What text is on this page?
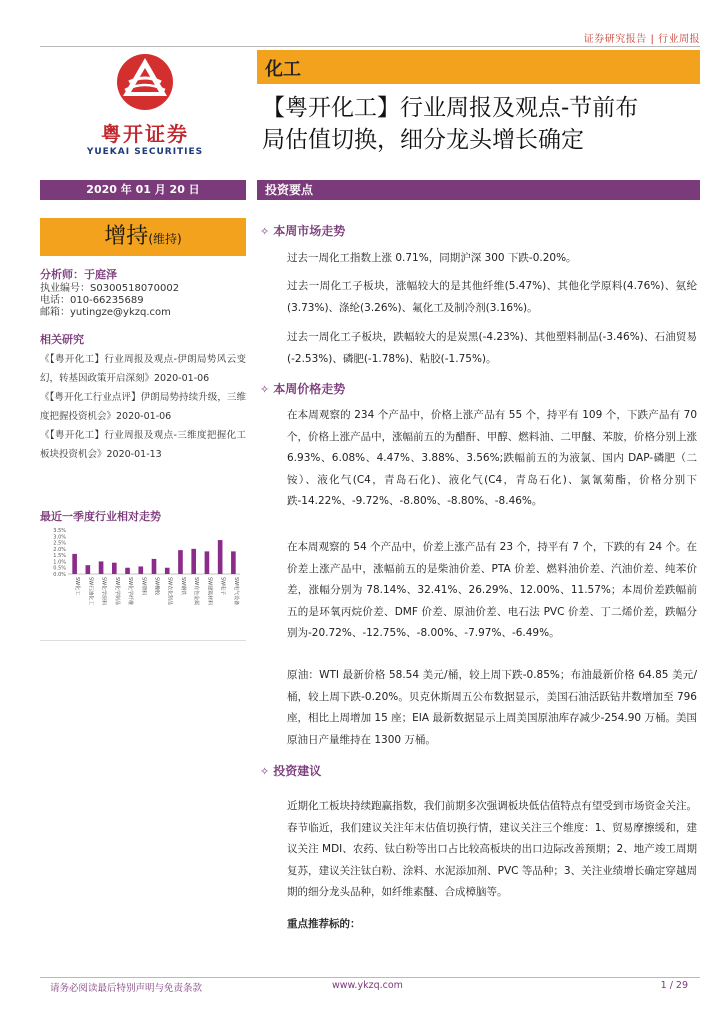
证券研究报告 | 行业周报
粤开证券
YUEKAI SECURITIES
化工
【粤开化工】行业周报及观点-节前布
局估值切换，细分龙头增长确定
2020 年 01 月 20 日	投资要点
增持(维持)
分析师：于庭泽
执业编号：S0300518070002
电话：010-66235689
邮箱：yutingze@ykzq.com
相关研究
《【粤开化工】行业周报及观点-伊朗局势风云变幻，转基因政策开启深刻》2020-01-06
《【粤开化工行业点评】伊朗局势持续升级，三维度把握投资机会》2020-01-06
《【粤开化工】行业周报及观点-三维度把握化工板块投资机会》2020-01-13
最近一季度行业相对走势
3.5%
3.0%
2.5%
2.0%
1.5%
1.0%
0.5%
0.0%
SW化工 SW石油化工 SW化学原料 SW化学制品 SW化学纤维 SW塑料 SW橡胶 SW农化制品 SW钢铁 SW有色金属 SW建筑材料 SW电子 SW电气设备
✧ 本周市场走势
过去一周化工指数上涨 0.71%，同期沪深 300 下跌-0.20%。
过去一周化工子板块，涨幅较大的是其他纤维(5.47%)、其他化学原料(4.76%)、氨纶(3.73%)、涤纶(3.26%)、氟化工及制冷剂(3.16%)。
过去一周化工子板块，跌幅较大的是炭黑(-4.23%)、其他塑料制品(-3.46%)、石油贸易(-2.53%)、磷肥(-1.78%)、粘胶(-1.75%)。
✧ 本周价格走势
在本周观察的 234 个产品中，价格上涨产品有 55 个，持平有 109 个，下跌产品有 70 个，价格上涨产品中，涨幅前五的为醋酐、甲醇、燃料油、二甲醚、苯胺，价格分别上涨 6.93%、6.08%、4.47%、3.88%、3.56%;跌幅前五的为液氯、国内 DAP-磷肥（二铵）、液化气(C4，青岛石化)、液化气(C4，青岛石化)、氯氰菊酯，价格分别下跌-14.22%、-9.72%、-8.80%、-8.80%、-8.46%。
在本周观察的 54 个产品中，价差上涨产品有 23 个，持平有 7 个，下跌的有 24 个。在价差上涨产品中，涨幅前五的是柴油价差、PTA 价差、燃料油价差、汽油价差、纯苯价差，涨幅分别为 78.14%、32.41%、26.29%、12.00%、11.57%；本周价差跌幅前五的是环氧丙烷价差、DMF 价差、原油价差、电石法 PVC 价差、丁二烯价差，跌幅分别为-20.72%、-12.75%、-8.00%、-7.97%、-6.49%。
原油：WTI 最新价格 58.54 美元/桶，较上周下跌-0.85%；布油最新价格 64.85 美元/桶，较上周下跌-0.20%。贝克休斯周五公布数据显示，美国石油活跃钻井数增加至 796 座，相比上周增加 15 座；EIA 最新数据显示上周美国原油库存减少-254.90 万桶。美国原油日产量维持在 1300 万桶。
✧ 投资建议
近期化工板块持续跑赢指数，我们前期多次强调板块低估值特点有望受到市场资金关注。春节临近，我们建议关注年末估值切换行情，建议关注三个维度：1、贸易摩擦缓和，建议关注 MDI、农药、钛白粉等出口占比较高板块的出口边际改善预期；2、地产竣工周期复苏，建议关注钛白粉、涂料、水泥添加剂、PVC 等品种；3、关注业绩增长确定穿越周期的细分龙头品种，如纤维素醚、合成樟脑等。
重点推荐标的：
请务必阅读最后特别声明与免责条款	www.ykzq.com	1 / 29
